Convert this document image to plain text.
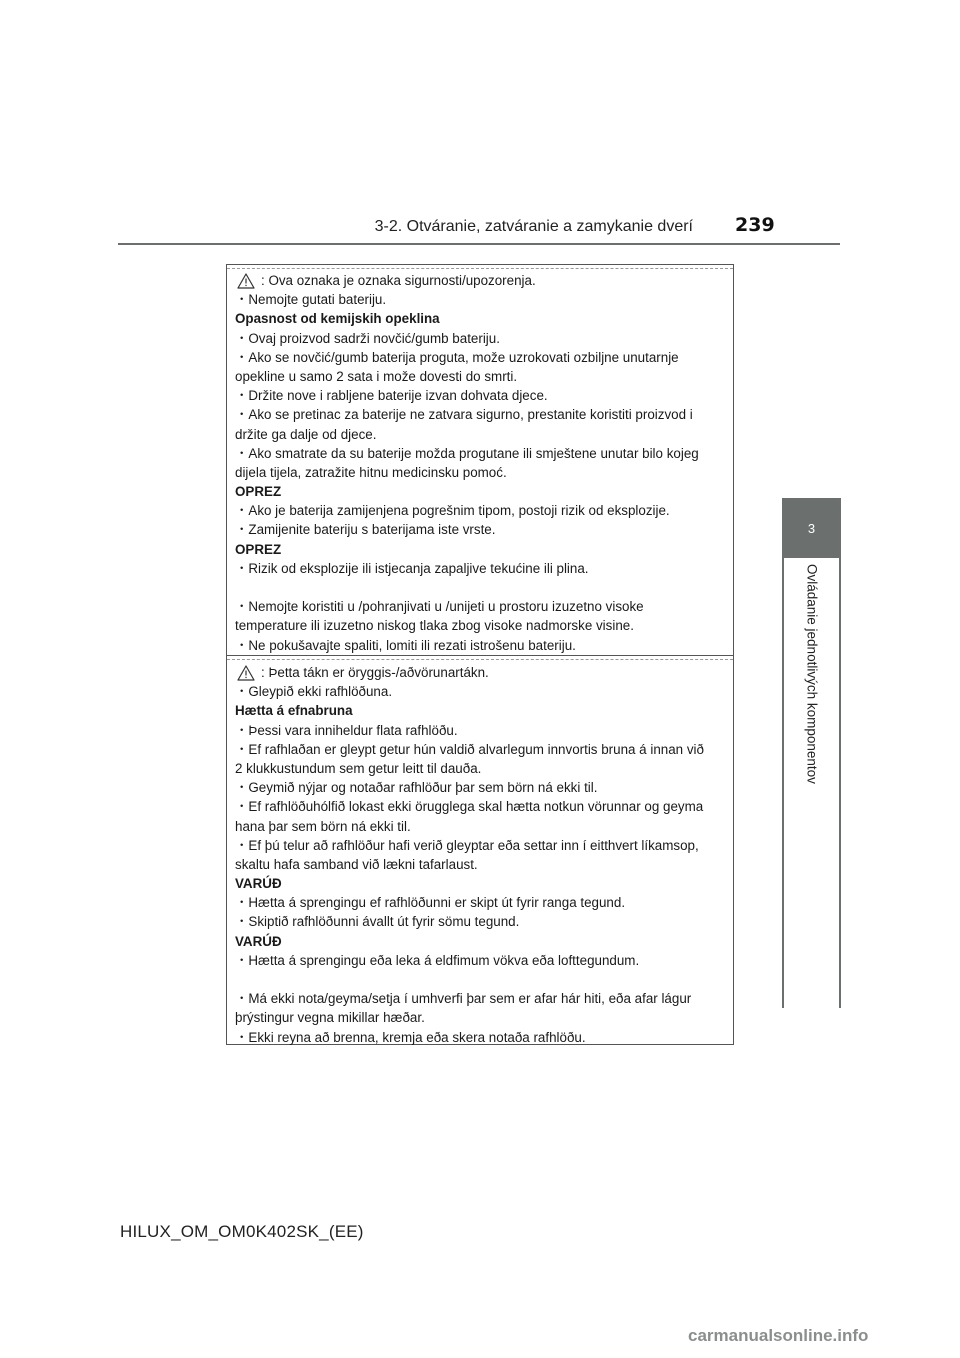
3-2. Otváranie, zatváranie a zamykanie dverí 239
3
Ovládanie jednotlivých komponentov
: Ova oznaka je oznaka sigurnosti/upozorenja.
・Nemojte gutati bateriju.
Opasnost od kemijskih opeklina
・Ovaj proizvod sadrži novčić/gumb bateriju.
・Ako se novčić/gumb baterija proguta, može uzrokovati ozbiljne unutarnje
opekline u samo 2 sata i može dovesti do smrti.
・Držite nove i rabljene baterije izvan dohvata djece.
・Ako se pretinac za baterije ne zatvara sigurno, prestanite koristiti proizvod i
držite ga dalje od djece.
・Ako smatrate da su baterije možda progutane ili smještene unutar bilo kojeg
dijela tijela, zatražite hitnu medicinsku pomoć.
OPREZ
・Ako je baterija zamijenjena pogrešnim tipom, postoji rizik od eksplozije.
・Zamijenite bateriju s baterijama iste vrste.
OPREZ
・Rizik od eksplozije ili istjecanja zapaljive tekućine ili plina.
・Nemojte koristiti u /pohranjivati u /unijeti u prostoru izuzetno visoke
temperature ili izuzetno niskog tlaka zbog visoke nadmorske visine.
・Ne pokušavajte spaliti, lomiti ili rezati istrošenu bateriju.
: Þetta tákn er öryggis-/aðvörunartákn.
・Gleypið ekki rafhlöðuna.
Hætta á efnabruna
・Þessi vara inniheldur flata rafhlöðu.
・Ef rafhlaðan er gleypt getur hún valdið alvarlegum innvortis bruna á innan við
2 klukkustundum sem getur leitt til dauða.
・Geymið nýjar og notaðar rafhlöður þar sem börn ná ekki til.
・Ef rafhlöðuhólfið lokast ekki örugglega skal hætta notkun vörunnar og geyma
hana þar sem börn ná ekki til.
・Ef þú telur að rafhlöður hafi verið gleyptar eða settar inn í eitthvert líkamsop,
skaltu hafa samband við lækni tafarlaust.
VARÚÐ
・Hætta á sprengingu ef rafhlöðunni er skipt út fyrir ranga tegund.
・Skiptið rafhlöðunni ávallt út fyrir sömu tegund.
VARÚÐ
・Hætta á sprengingu eða leka á eldfimum vökva eða lofttegundum.
・Má ekki nota/geyma/setja í umhverfi þar sem er afar hár hiti, eða afar lágur
þrýstingur vegna mikillar hæðar.
・Ekki reyna að brenna, kremja eða skera notaða rafhlöðu.
HILUX_OM_OM0K402SK_(EE)
carmanualsonline.info
